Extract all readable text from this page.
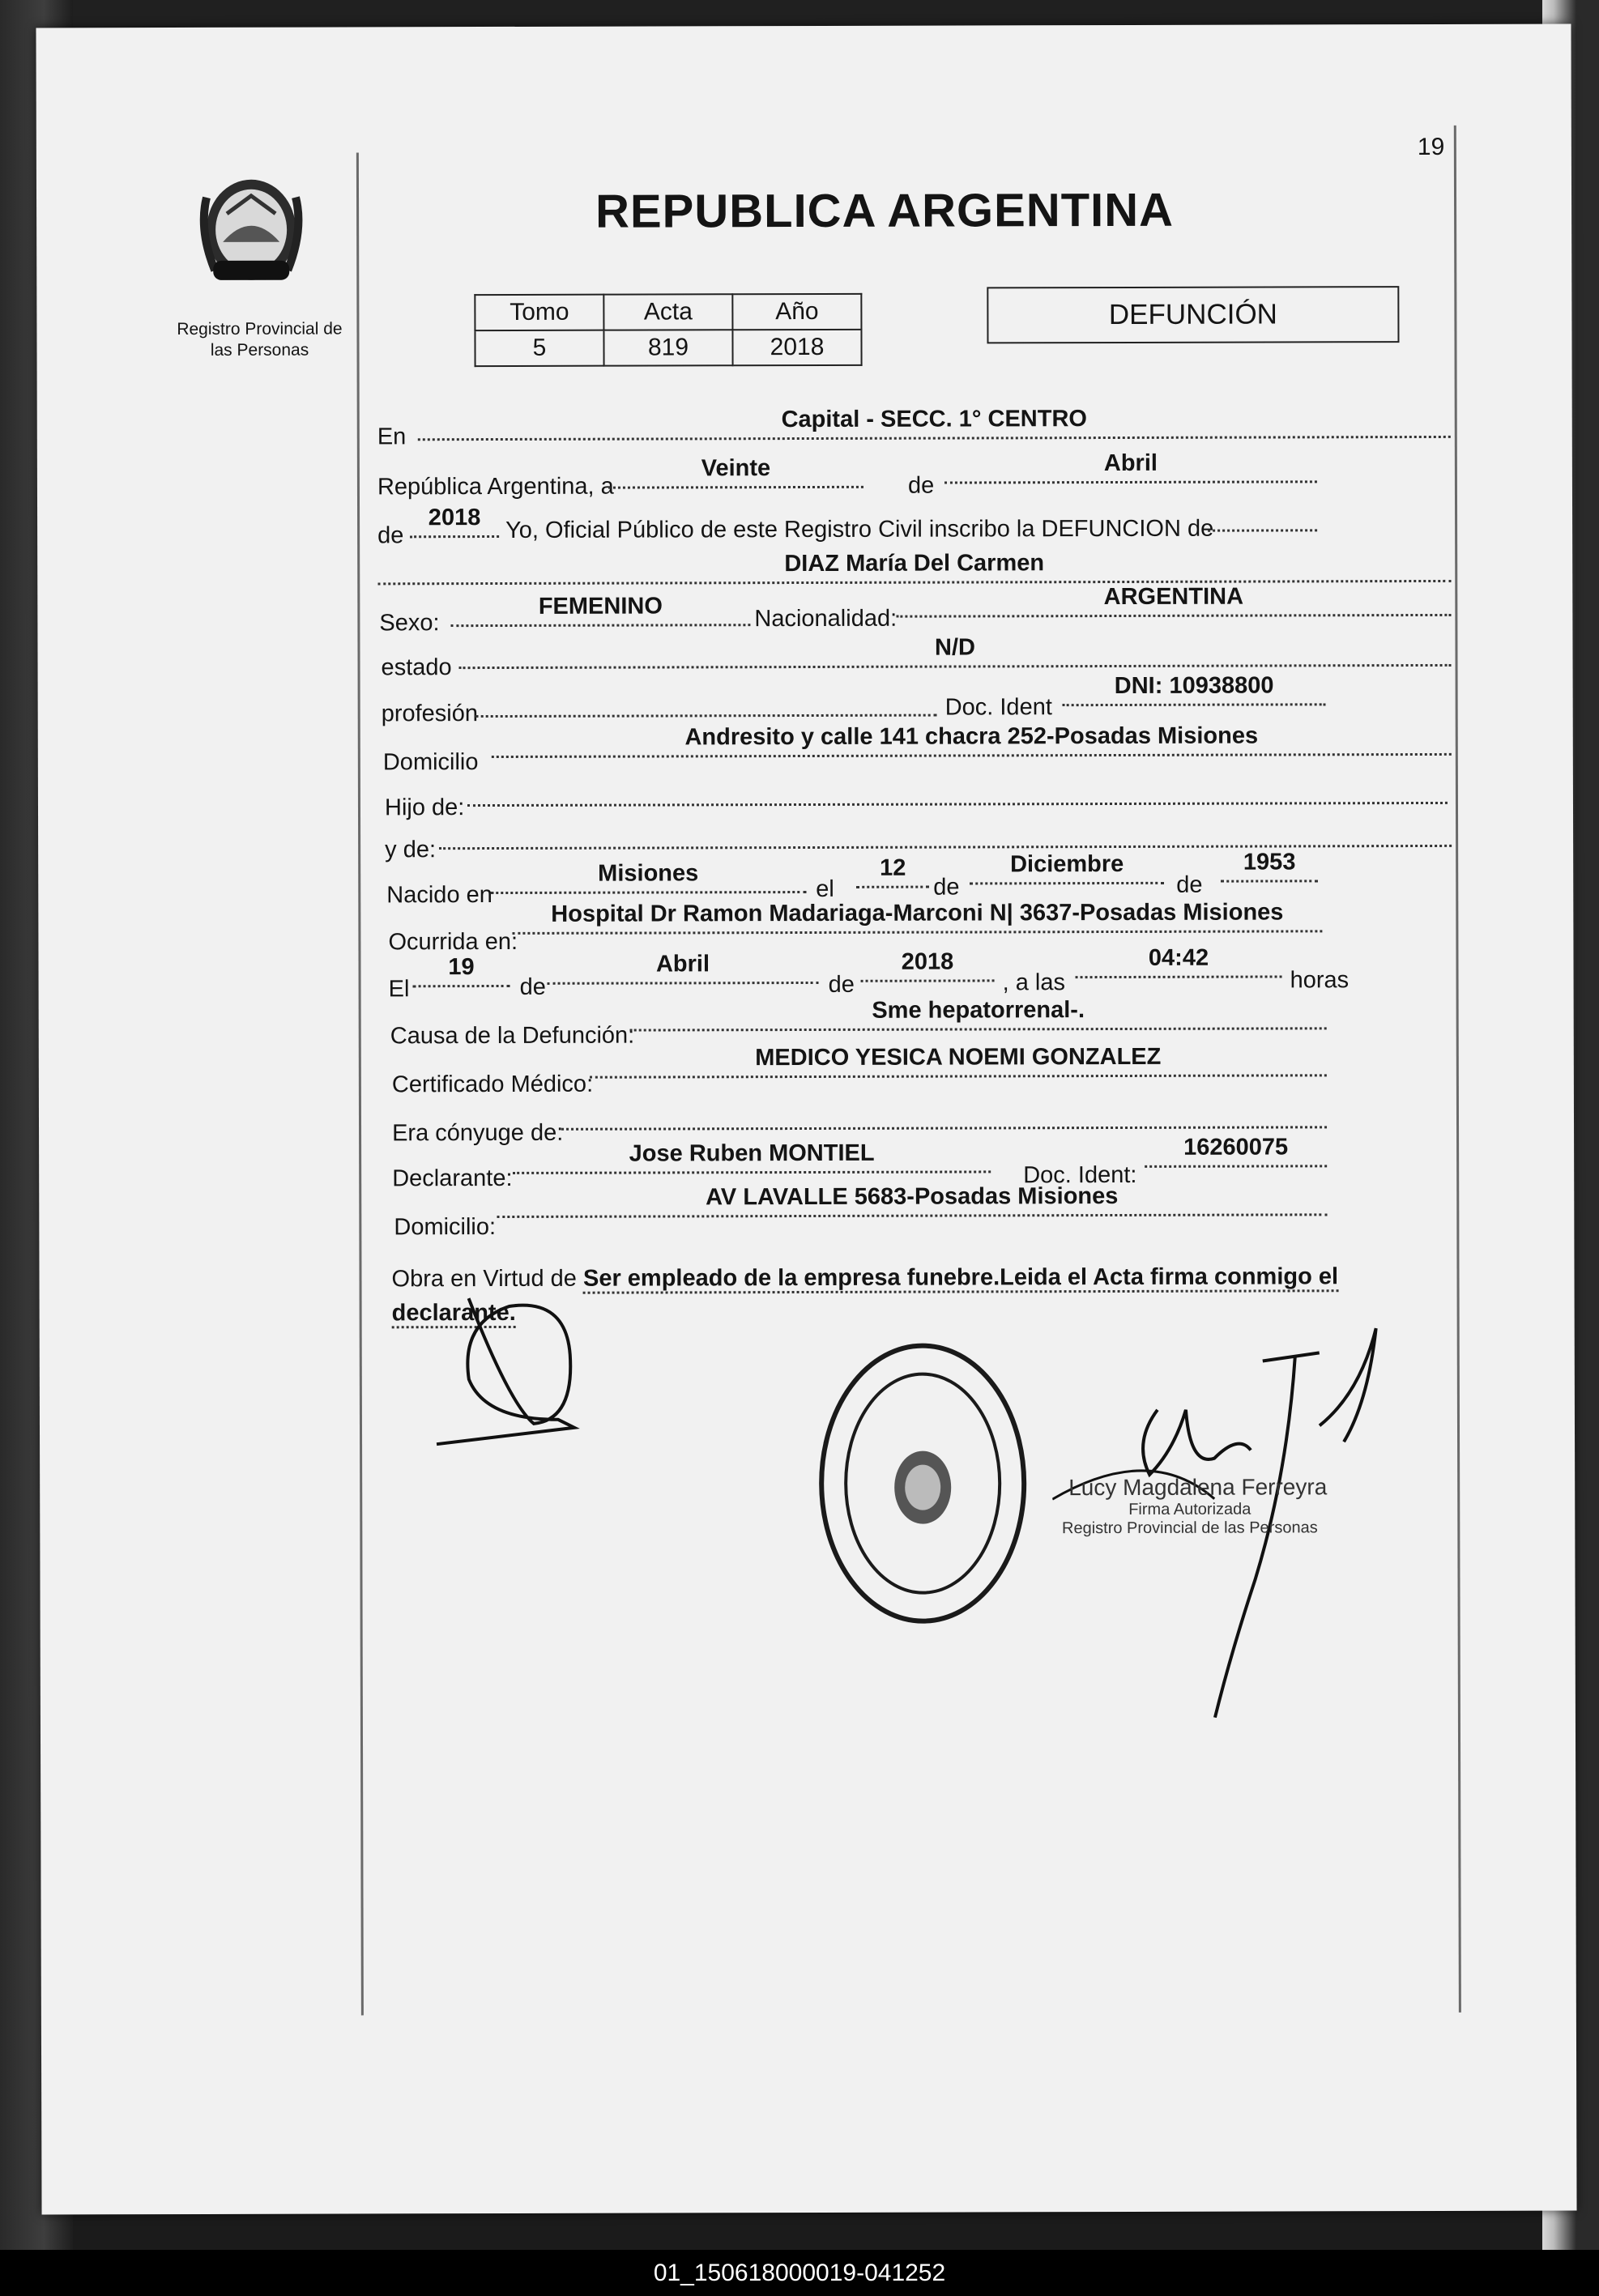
19
Registro Provincial de las Personas
REPUBLICA ARGENTINA
Tomo	Acta	Año
5	819	2018
DEFUNCIÓN
En
Capital - SECC. 1° CENTRO
República Argentina, a
Veinte
de
Abril
de
2018	Yo, Oficial Público de este Registro Civil inscribo la DEFUNCION de
DIAZ María Del Carmen
Sexo:
FEMENINO	Nacionalidad:
ARGENTINA
estado
N/D
profesión	Doc. Ident
DNI: 10938800
Domicilio
Andresito y calle 141 chacra 252-Posadas Misiones
Hijo de:
y de:
Nacido en
Misiones
el
12
de
Diciembre
de
1953
Ocurrida en:
Hospital Dr Ramon Madariaga-Marconi N| 3637-Posadas Misiones
El
19
de
Abril
de
2018
, a las
04:42
horas
Causa de la Defunción:
Sme hepatorrenal-.
Certificado Médico:
MEDICO YESICA NOEMI GONZALEZ
Era cónyuge de:
Declarante:
Jose Ruben MONTIEL
Doc. Ident:
16260075
Domicilio:
AV LAVALLE 5683-Posadas Misiones
Obra en Virtud de Ser empleado de la empresa funebre.Leida el Acta firma conmigo el declarante.
Lucy Magdalena Ferreyra
Firma Autorizada
Registro Provincial de las Personas
01_150618000019-041252
